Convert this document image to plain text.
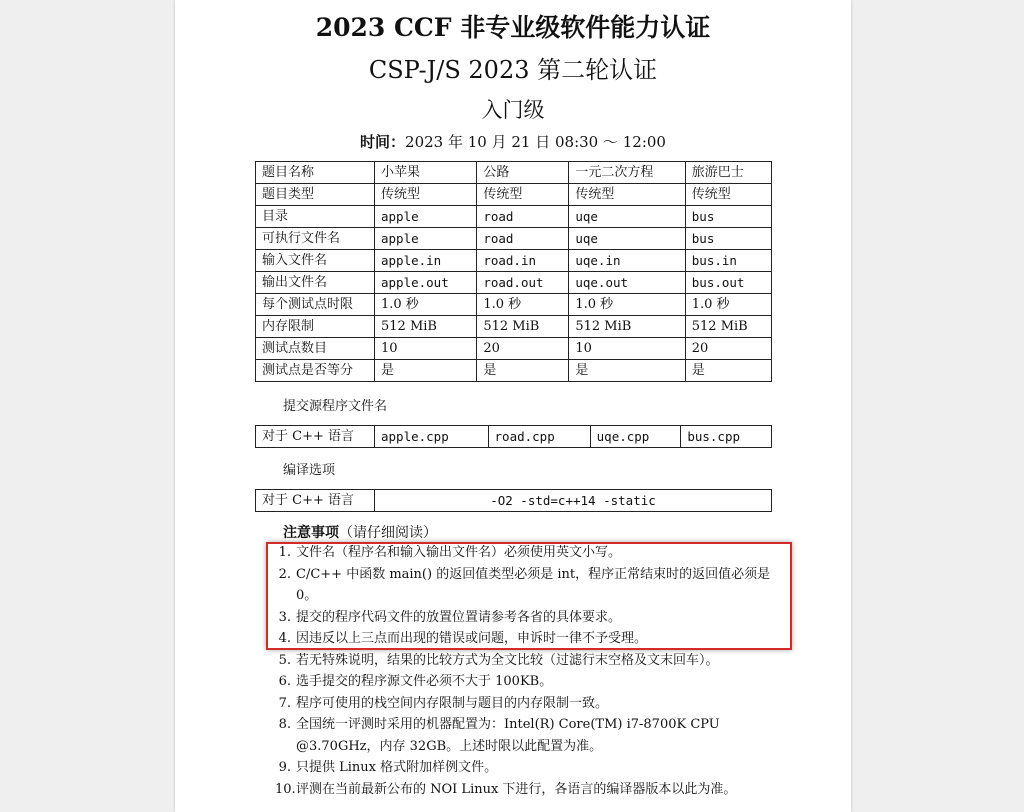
2023 CCF 非专业级软件能力认证
CSP-J/S 2023 第二轮认证
入门级
时间：2023 年 10 月 21 日 08:30 ～ 12:00
题目名称	小苹果	公路	一元二次方程	旅游巴士
题目类型	传统型	传统型	传统型	传统型
目录	apple	road	uqe	bus
可执行文件名	apple	road	uqe	bus
输入文件名	apple.in	road.in	uqe.in	bus.in
输出文件名	apple.out	road.out	uqe.out	bus.out
每个测试点时限	1.0 秒	1.0 秒	1.0 秒	1.0 秒
内存限制	512 MiB	512 MiB	512 MiB	512 MiB
测试点数目	10	20	10	20
测试点是否等分	是	是	是	是
提交源程序文件名
对于 C++ 语言	apple.cpp	road.cpp	uqe.cpp	bus.cpp
编译选项
对于 C++ 语言	-O2 -std=c++14 -static
注意事项（请仔细阅读）
1. 文件名（程序名和输入输出文件名）必须使用英文小写。
2. C/C++ 中函数 main() 的返回值类型必须是 int，程序正常结束时的返回值必须是 0。
3. 提交的程序代码文件的放置位置请参考各省的具体要求。
4. 因违反以上三点而出现的错误或问题，申诉时一律不予受理。
5. 若无特殊说明，结果的比较方式为全文比较（过滤行末空格及文末回车）。
6. 选手提交的程序源文件必须不大于 100KB。
7. 程序可使用的栈空间内存限制与题目的内存限制一致。
8. 全国统一评测时采用的机器配置为：Intel(R) Core(TM) i7-8700K CPU @3.70GHz，内存 32GB。上述时限以此配置为准。
9. 只提供 Linux 格式附加样例文件。
10. 评测在当前最新公布的 NOI Linux 下进行，各语言的编译器版本以此为准。
